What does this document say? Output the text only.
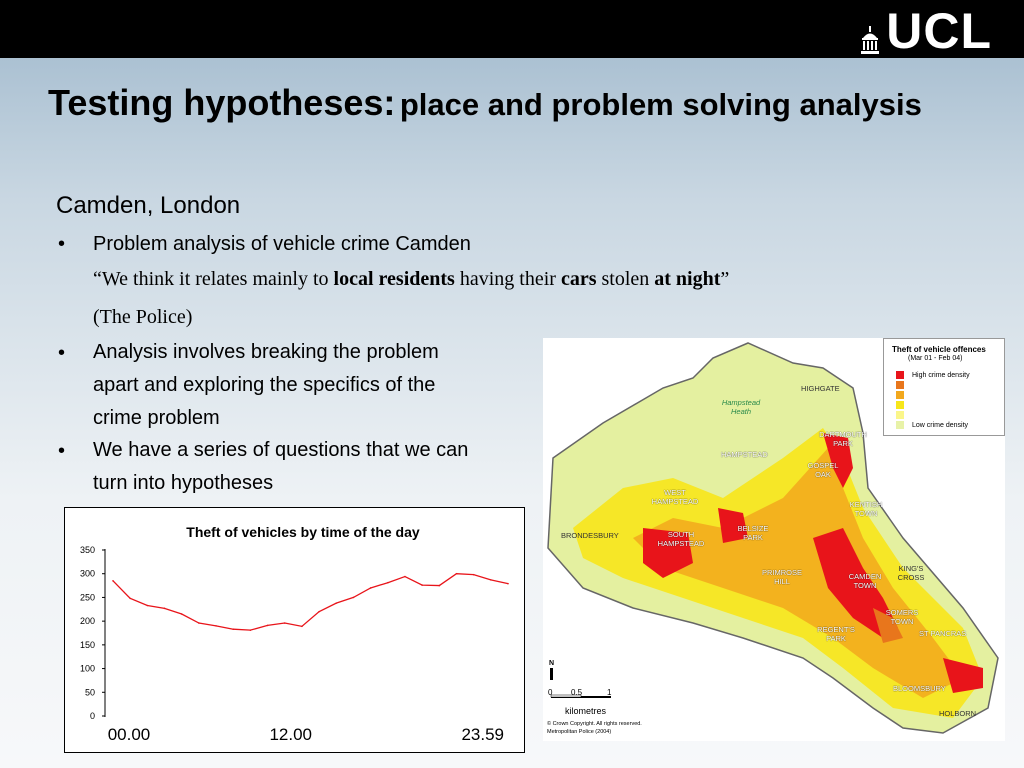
UCL
Testing hypotheses: place and problem solving analysis
Camden, London
• Problem analysis of vehicle crime Camden
“We think it relates mainly to local residents having their cars stolen at night”
(The Police)
• Analysis involves breaking the problem
apart and exploring the specifics of the
crime problem
• We have a series of questions that we can
turn into hypotheses
Theft of vehicles by time of the day
0
50
100
150
200
250
300
350
00.00	12.00	23.59
Theft of vehicle offences
(Mar 01 - Feb 04)
High crime density
Low crime density
HIGHGATE
Hampstead Heath
DARTMOUTH PARK
HAMPSTEAD
GOSPEL OAK
WEST HAMPSTEAD	KENTISH TOWN
BRONDESBURY	SOUTH HAMPSTEAD
BELSIZE PARK
PRIMROSE HILL
CAMDEN TOWN
KING'S CROSS
SOMERS TOWN
REGENT'S PARK
ST PANCRAS
BLOOMSBURY
HOLBORN
N
0 0.5	1
kilometres
© Crown Copyright. All rights reserved.
Metropolitan Police (2004)
